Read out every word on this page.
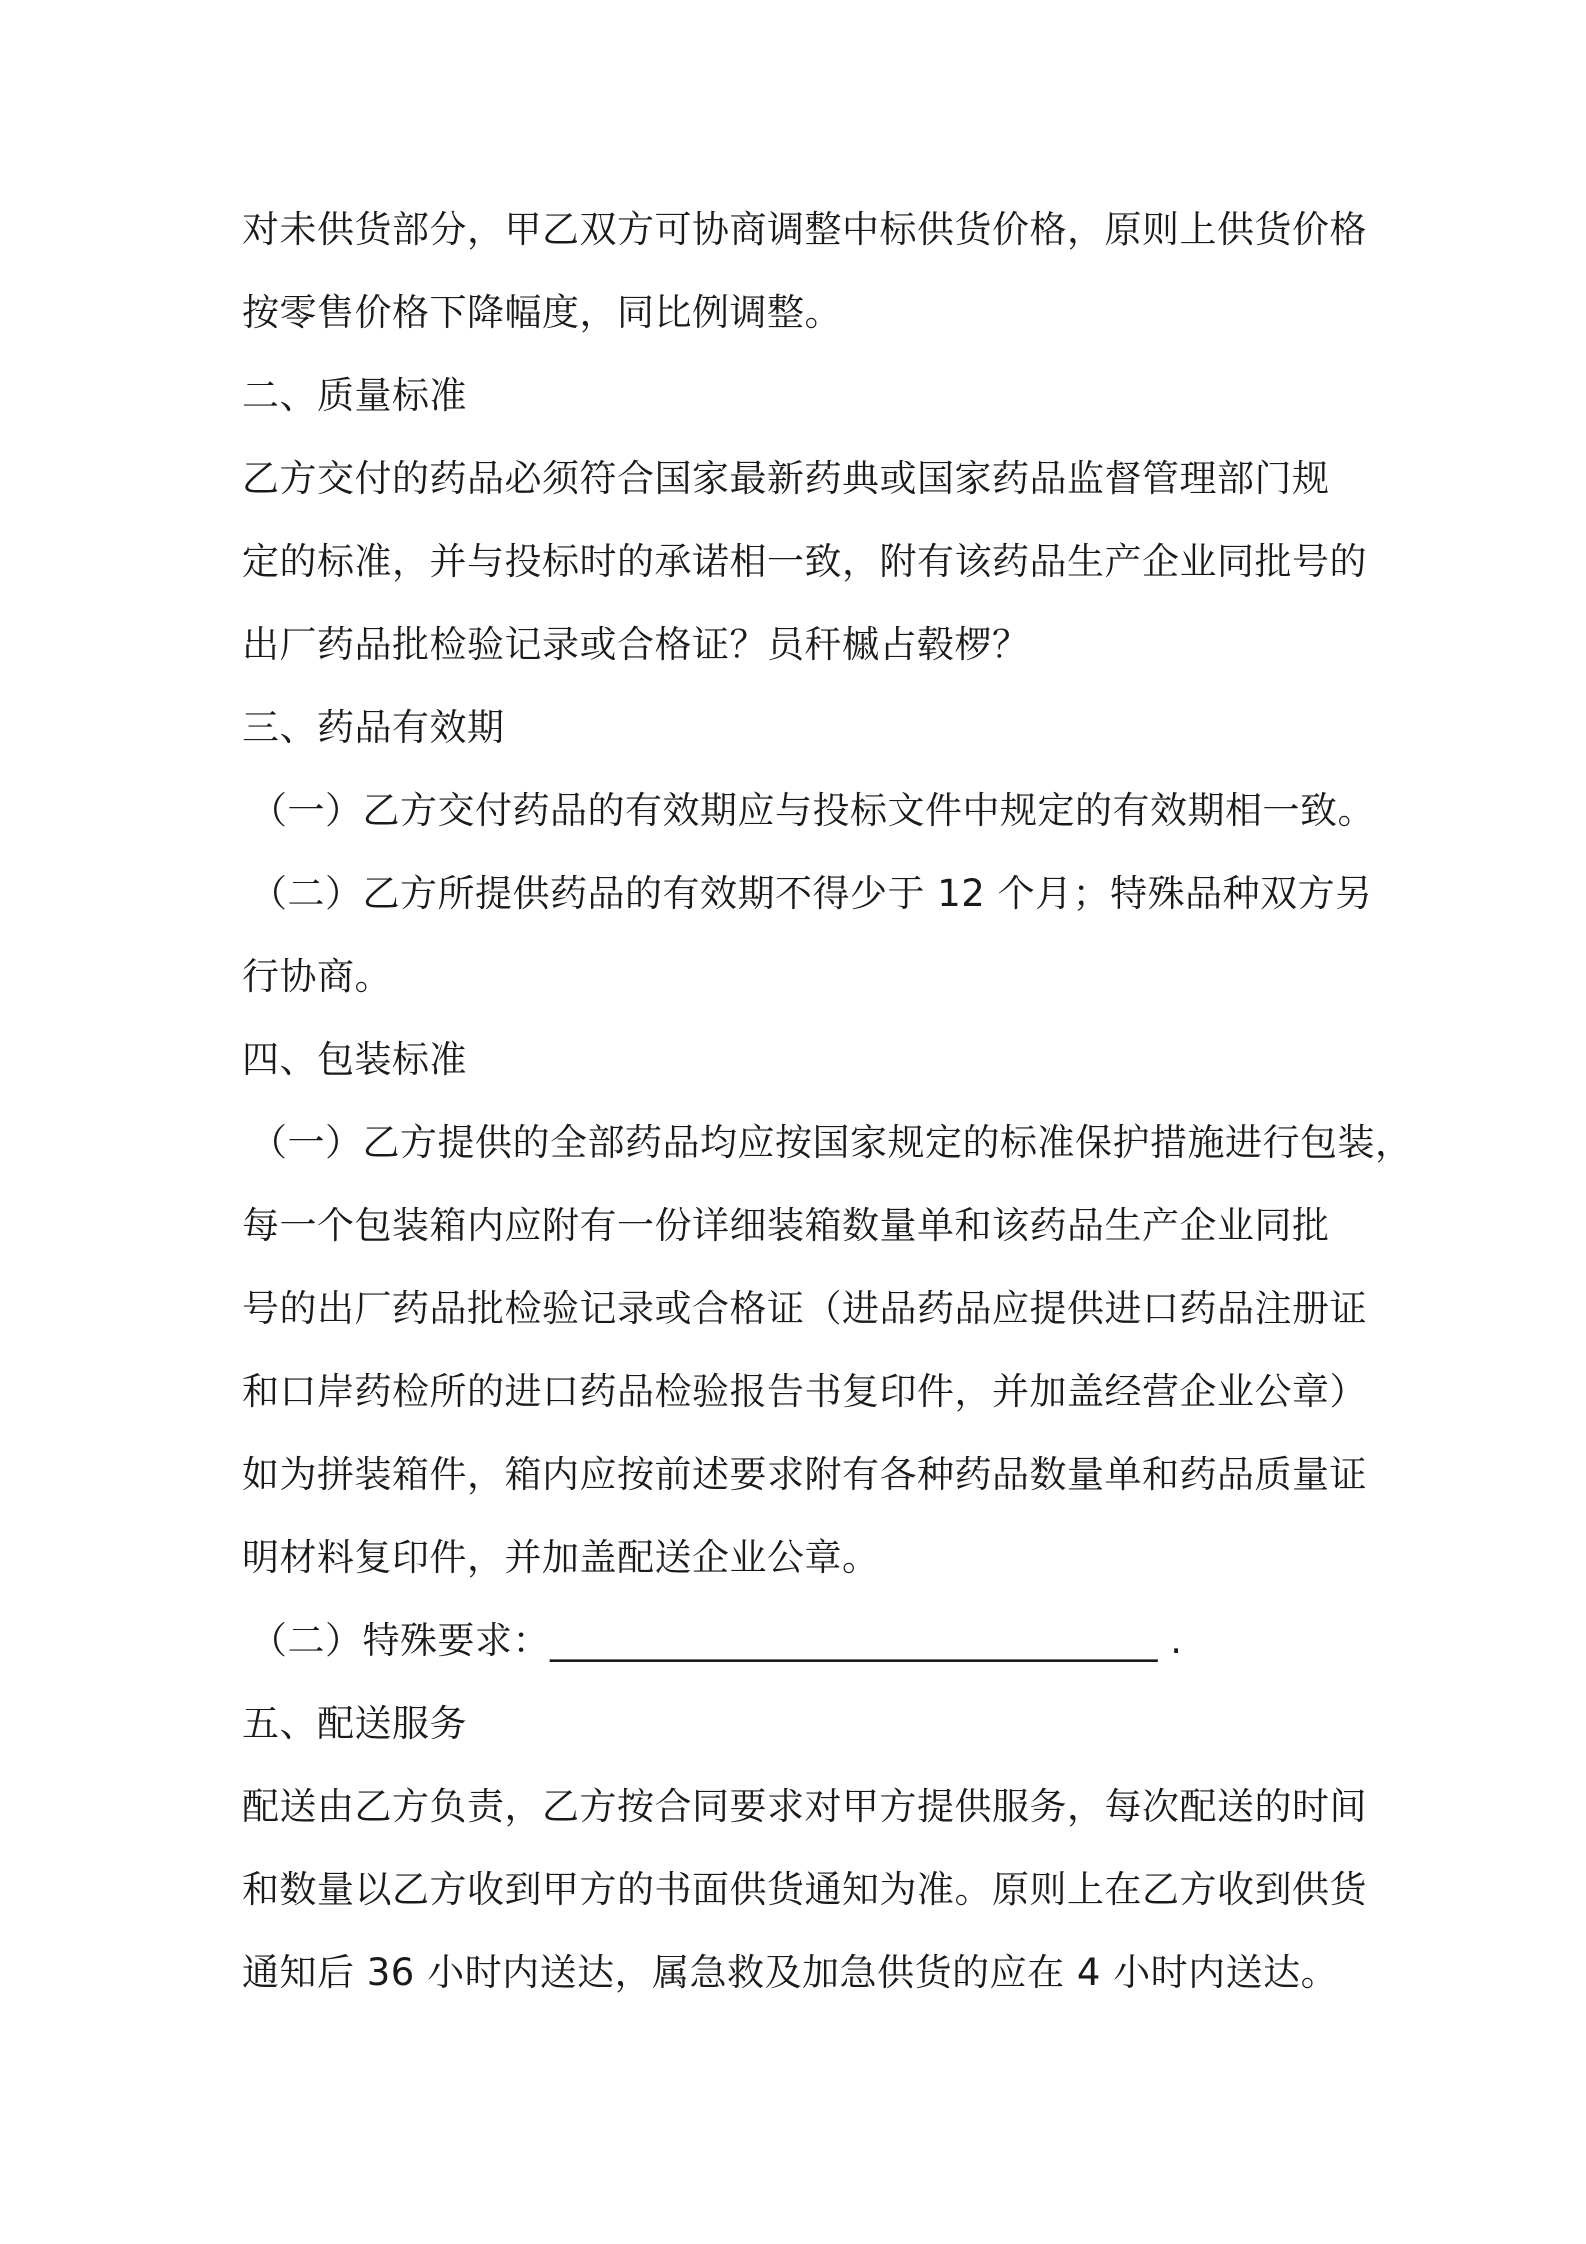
对未供货部分，甲乙双方可协商调整中标供货价格，原则上供货价格
按零售价格下降幅度，同比例调整。
二、质量标准
乙方交付的药品必须符合国家最新药典或国家药品监督管理部门规
定的标准，并与投标时的承诺相一致，附有该药品生产企业同批号的
出厂药品批检验记录或合格证？员秆槭占毂椤？
三、药品有效期
（一）乙方交付药品的有效期应与投标文件中规定的有效期相一致。
（二）乙方所提供药品的有效期不得少于 12 个月；特殊品种双方另
行协商。
四、包装标准
（一）乙方提供的全部药品均应按国家规定的标准保护措施进行包装，
每一个包装箱内应附有一份详细装箱数量单和该药品生产企业同批
号的出厂药品批检验记录或合格证（进品药品应提供进口药品注册证
和口岸药检所的进口药品检验报告书复印件，并加盖经营企业公章）
如为拼装箱件，箱内应按前述要求附有各种药品数量单和药品质量证
明材料复印件，并加盖配送企业公章。
（二）特殊要求：________________________________ .
五、配送服务
配送由乙方负责，乙方按合同要求对甲方提供服务，每次配送的时间
和数量以乙方收到甲方的书面供货通知为准。原则上在乙方收到供货
通知后 36 小时内送达，属急救及加急供货的应在 4 小时内送达。
